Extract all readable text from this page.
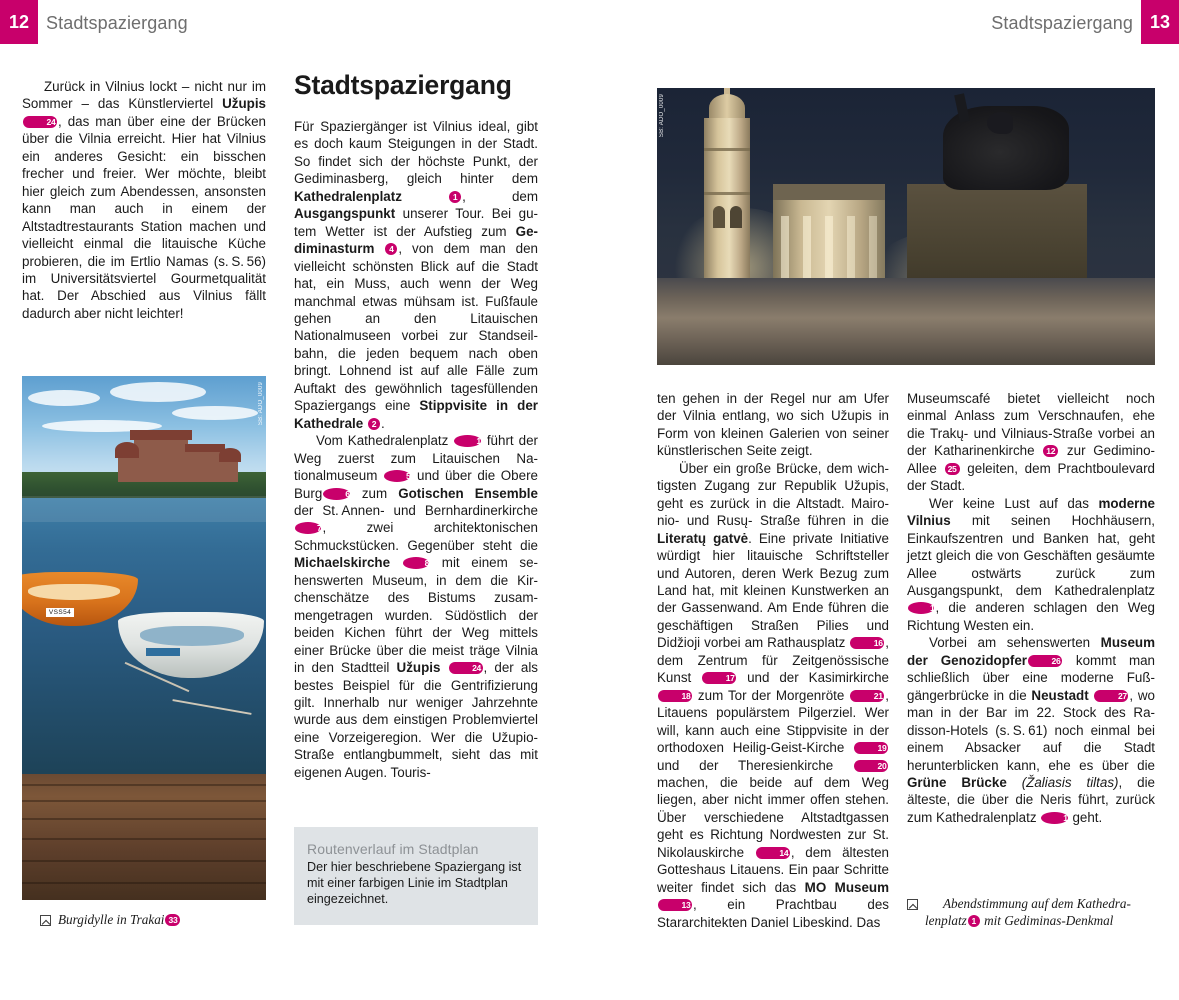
12 Stadtspaziergang	Stadtspaziergang 13

Zurück in Vilnius lockt – nicht nur im Sommer – das Künstlerviertel Užupis24 , das man über eine der Brücken über die Vilnia erreicht. Hier hat Vilnius ein anderes Gesicht: ein bisschen frecher und freier. Wer möchte, bleibt hier gleich zum Abendessen, ansonsten kann man auch in einem der Altstadtrestaurants Station machen und vielleicht einmal die litauische Küche probieren, die im Ertlio Namas (s. S. 56) im Universitätsviertel Gourmetqualität hat. Der Abschied aus Vilnius fällt dadurch aber nicht leichter!

Stadtspaziergang

Für Spaziergänger ist Vilnius ideal, gibt es doch kaum Steigungen in der Stadt. So findet sich der höchste Punkt, der Gediminasberg, gleich hinter dem Kathedralenplatz	1 , dem Ausgangspunkt unserer Tour. Bei gutem Wetter ist der Aufstieg zum Gediminasturm 4 , von dem man den vielleicht schönsten Blick auf die Stadt hat, ein Muss, auch wenn der Weg manchmal etwas mühsam ist. Fußfaule gehen an den Litauischen Nationalmuseen vorbei zur Standseilbahn, die jeden bequem nach oben bringt. Lohnend ist auf alle Fälle zum Auftakt des gewöhnlich tagesfüllenden Spaziergangs eine Stippvisite in der Kathedrale 2 .

Vom Kathedralenplatz	1 führt der Weg zuerst zum Litauischen Nationalmuseum	5 und über die Obere Burg	6 zum Gotischen Ensemble der St. Annen- und Bernhardinerkirche 7, zwei architektonischen Schmuckstücken. Gegenüber steht die Michaelskirche	8 mit einem sehenswerten Museum, in dem die Kirchenschätze des Bistums zusammengetragen wurden. Südöstlich der beiden Kichen führt der Weg mittels einer Brücke über die meist träge Vilnia in den Stadtteil Užupis	24 , der als bestes Beispiel für die Gentrifizierung gilt. Innerhalb nur weniger Jahrzehnte wurde aus dem einstigen Problemviertel eine Vorzeigeregion. Wer die Užupio-Straße entlangbummelt, sieht das mit eigenen Augen. Touris-

Routenverlauf im Stadtplan

Der hier beschriebene Spaziergang ist mit einer farbigen Linie im Stadtplan eingezeichnet.

ten gehen in der Regel nur am Ufer der Vilnia entlang, wo sich Užupis in Form von kleinen Galerien von seiner künstlerischen Seite zeigt.

Über ein große Brücke, dem wichtigsten Zugang zur Republik Užupis, geht es zurück in die Altstadt. Maironio- und Rusų- Straße führen in die Literatų gatvė. Eine private Initiative würdigt hier litauische Schriftsteller und Autoren, deren Werk Bezug zum Land hat, mit kleinen Kunstwerken an der Gassenwand. Am Ende führen die geschäftigen Straßen Pilies und Didžioji vorbei am Rathausplatz	16 , dem Zentrum für Zeitgenössische Kunst	17 und der Kasimirkirche 18 zum Tor der Morgenröte	21 , Litauens populärstem Pilgerziel. Wer will, kann auch eine Stippvisite in der orthodoxen Heilig-Geist-Kirche	19 und der Theresienkirche	20 machen, die beide auf dem Weg liegen, aber nicht immer offen stehen. Über verschiedene Altstadtgassen geht es Richtung Nordwesten zur St. Nikolauskirche	14 , dem ältesten Gotteshaus Litauens. Ein paar Schritte weiter findet sich das MO Museum 13 , ein Prachtbau des Stararchitekten Daniel Libeskind. Das

Museumscafé bietet vielleicht noch einmal Anlass zum Verschnaufen, ehe die Trakų- und Vilniaus-Straße vorbei an der Katharinenkirche 12 zur Gedimino-Allee 25 geleiten, dem Prachtboulevard der Stadt.

Wer keine Lust auf das moderne Vilnius mit seinen Hochhäusern, Einkaufszentren und Banken hat, geht jetzt gleich die von Geschäften gesäumte Allee ostwärts zurück zum Ausgangspunkt, dem Kathedralenplatz 1, die anderen schlagen den Weg Richtung Westen ein.

Vorbei am sehenswerten Museum der Genozidopfer	26 kommt man schließlich über eine moderne Fußgängerbrücke in die Neustadt	27 , wo man in der Bar im 22. Stock des Radisson-Hotels (s. S. 61) noch einmal bei einem Absacker auf die Stadt herunterblicken kann, ehe es über die Grüne Brücke (Žaliasis tiltas), die älteste, die über die Neris führt, zurück zum Kathedralenplatz	1 geht.

VSS54
SB: ADO_0009
Burgidylle in Trakai 33
SB: ADO_0009
Abendstimmung auf dem Kathedra-
lenplatz 1 mit Gediminas-Denkmal
